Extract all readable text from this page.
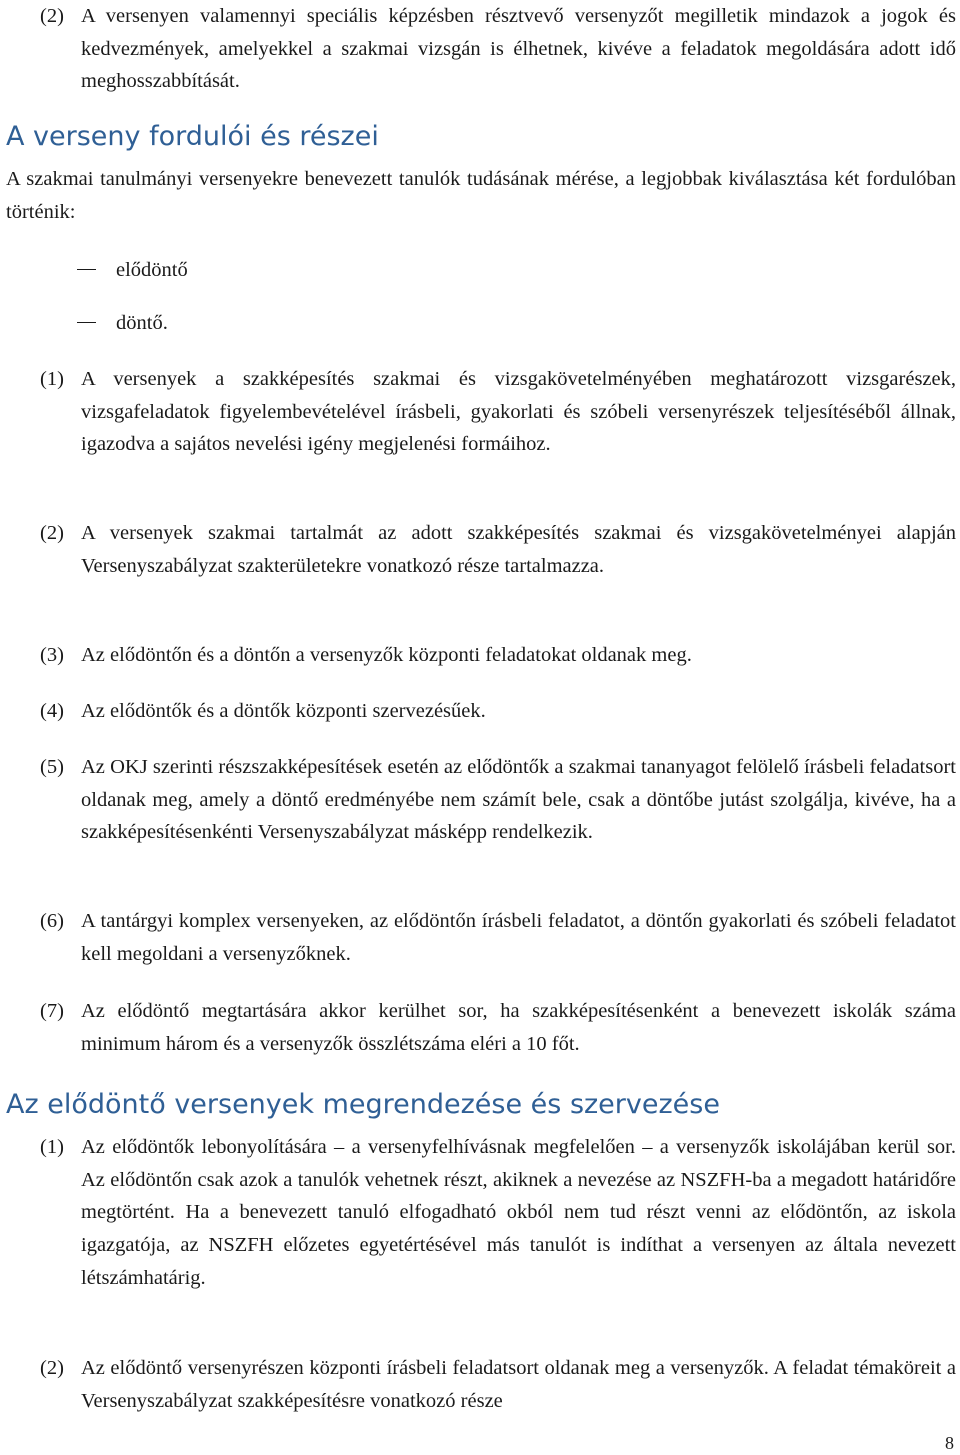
(2) A versenyen valamennyi speciális képzésben résztvevő versenyzőt megilletik mindazok a jogok és kedvezmények, amelyekkel a szakmai vizsgán is élhetnek, kivéve a feladatok megoldására adott idő meghosszabbítását.
A verseny fordulói és részei

A szakmai tanulmányi versenyekre benevezett tanulók tudásának mérése, a legjobbak kiválasztása két fordulóban történik:

elődöntő
döntő.
(1) A versenyek a szakképesítés szakmai és vizsgakövetelményében meghatározott vizsgarészek, vizsgafeladatok figyelembevételével írásbeli, gyakorlati és szóbeli versenyrészek teljesítéséből állnak, igazodva a sajátos nevelési igény megjelenési formáihoz.
(2) A versenyek szakmai tartalmát az adott szakképesítés szakmai és vizsgakövetelményei alapján Versenyszabályzat szakterületekre vonatkozó része tartalmazza.
(3) Az elődöntőn és a döntőn a versenyzők központi feladatokat oldanak meg.
(4) Az elődöntők és a döntők központi szervezésűek.
(5) Az OKJ szerinti részszakképesítések esetén az elődöntők a szakmai tananyagot felölelő írásbeli feladatsort oldanak meg, amely a döntő eredményébe nem számít bele, csak a döntőbe jutást szolgálja, kivéve, ha a szakképesítésenkénti Versenyszabályzat másképp rendelkezik.
(6) A tantárgyi komplex versenyeken, az elődöntőn írásbeli feladatot, a döntőn gyakorlati és szóbeli feladatot kell megoldani a versenyzőknek.
(7) Az elődöntő megtartására akkor kerülhet sor, ha szakképesítésenként a benevezett iskolák száma minimum három és a versenyzők összlétszáma eléri a 10 főt.
Az elődöntő versenyek megrendezése és szervezése
(1) Az elődöntők lebonyolítására – a versenyfelhívásnak megfelelően – a versenyzők iskolájában kerül sor. Az elődöntőn csak azok a tanulók vehetnek részt, akiknek a nevezése az NSZFH-ba a megadott határidőre megtörtént. Ha a benevezett tanuló elfogadható okból nem tud részt venni az elődöntőn, az iskola igazgatója, az NSZFH előzetes egyetértésével más tanulót is indíthat a versenyen az általa nevezett létszámhatárig.
(2) Az elődöntő versenyrészen központi írásbeli feladatsort oldanak meg a versenyzők. A feladat témaköreit a Versenyszabályzat szakképesítésre vonatkozó része
8
